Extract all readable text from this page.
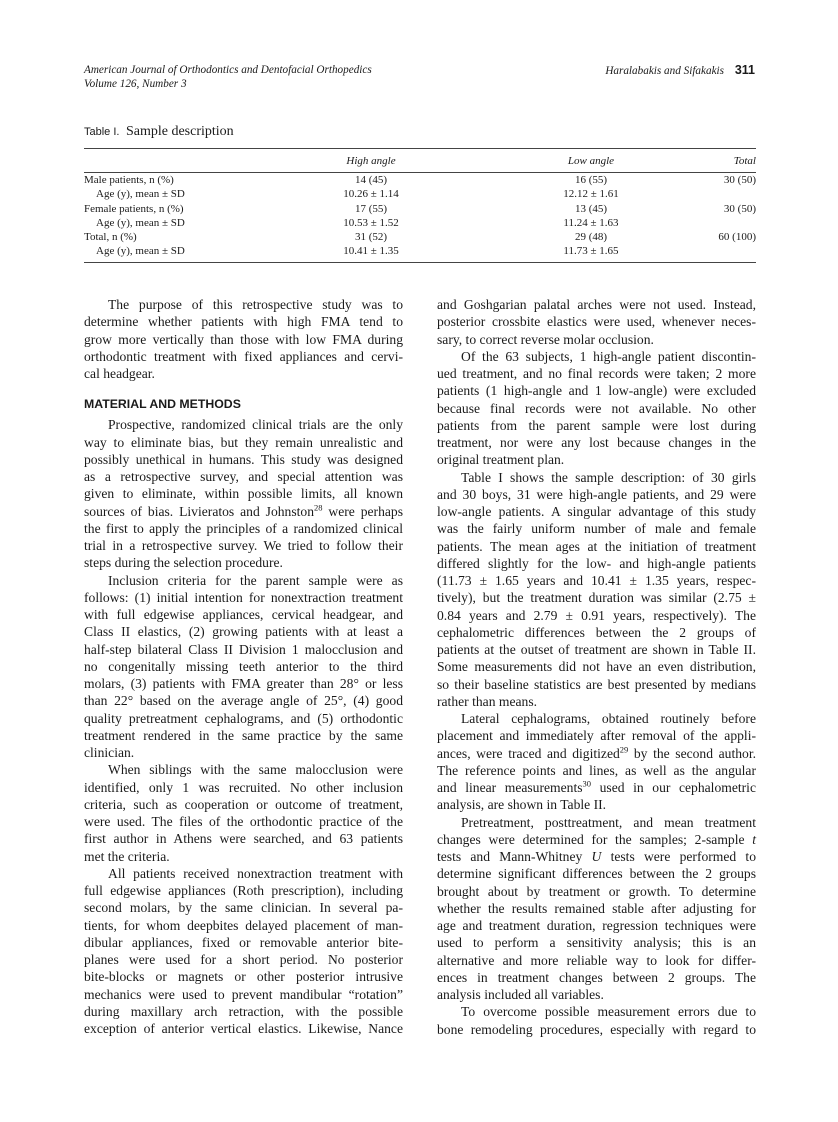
American Journal of Orthodontics and Dentofacial Orthopedics
Volume 126, Number 3
Haralabakis and Sifakakis 311
Table I. Sample description
	High angle	Low angle	Total
Male patients, n (%)	14 (45)	16 (55)	30 (50)
Age (y), mean ± SD	10.26 ± 1.14	12.12 ± 1.61	
Female patients, n (%)	17 (55)	13 (45)	30 (50)
Age (y), mean ± SD	10.53 ± 1.52	11.24 ± 1.63	
Total, n (%)	31 (52)	29 (48)	60 (100)
Age (y), mean ± SD	10.41 ± 1.35	11.73 ± 1.65	
The purpose of this retrospective study was to
determine whether patients with high FMA tend to
grow more vertically than those with low FMA during
orthodontic treatment with fixed appliances and cervi-
cal headgear.
MATERIAL AND METHODS
Prospective, randomized clinical trials are the only
way to eliminate bias, but they remain unrealistic and
possibly unethical in humans. This study was designed
as a retrospective survey, and special attention was
given to eliminate, within possible limits, all known
sources of bias. Livieratos and Johnston$^{28}$ were perhaps
the first to apply the principles of a randomized clinical
trial in a retrospective survey. We tried to follow their
steps during the selection procedure.
Inclusion criteria for the parent sample were as
follows: (1) initial intention for nonextraction treatment
with full edgewise appliances, cervical headgear, and
Class II elastics, (2) growing patients with at least a
half-step bilateral Class II Division 1 malocclusion and
no congenitally missing teeth anterior to the third
molars, (3) patients with FMA greater than 28° or less
than 22° based on the average angle of 25°, (4) good
quality pretreatment cephalograms, and (5) orthodontic
treatment rendered in the same practice by the same
clinician.
When siblings with the same malocclusion were
identified, only 1 was recruited. No other inclusion
criteria, such as cooperation or outcome of treatment,
were used. The files of the orthodontic practice of the
first author in Athens were searched, and 63 patients
met the criteria.
All patients received nonextraction treatment with
full edgewise appliances (Roth prescription), including
second molars, by the same clinician. In several pa-
tients, for whom deepbites delayed placement of man-
dibular appliances, fixed or removable anterior bite-
planes were used for a short period. No posterior
bite-blocks or magnets or other posterior intrusive
mechanics were used to prevent mandibular “rotation”
during maxillary arch retraction, with the possible
exception of anterior vertical elastics. Likewise, Nance
and Goshgarian palatal arches were not used. Instead,
posterior crossbite elastics were used, whenever neces-
sary, to correct reverse molar occlusion.
Of the 63 subjects, 1 high-angle patient discontin-
ued treatment, and no final records were taken; 2 more
patients (1 high-angle and 1 low-angle) were excluded
because final records were not available. No other
patients from the parent sample were lost during
treatment, nor were any lost because changes in the
original treatment plan.
Table I shows the sample description: of 30 girls
and 30 boys, 31 were high-angle patients, and 29 were
low-angle patients. A singular advantage of this study
was the fairly uniform number of male and female
patients. The mean ages at the initiation of treatment
differed slightly for the low- and high-angle patients
(11.73 ± 1.65 years and 10.41 ± 1.35 years, respec-
tively), but the treatment duration was similar (2.75 ±
0.84 years and 2.79 ± 0.91 years, respectively). The
cephalometric differences between the 2 groups of
patients at the outset of treatment are shown in Table II.
Some measurements did not have an even distribution,
so their baseline statistics are best presented by medians
rather than means.
Lateral cephalograms, obtained routinely before
placement and immediately after removal of the appli-
ances, were traced and digitized$^{29}$ by the second author.
The reference points and lines, as well as the angular
and linear measurements$^{30}$ used in our cephalometric
analysis, are shown in Table II.
Pretreatment, posttreatment, and mean treatment
changes were determined for the samples; 2-sample t
tests and Mann-Whitney U tests were performed to
determine significant differences between the 2 groups
brought about by treatment or growth. To determine
whether the results remained stable after adjusting for
age and treatment duration, regression techniques were
used to perform a sensitivity analysis; this is an
alternative and more reliable way to look for differ-
ences in treatment changes between 2 groups. The
analysis included all variables.
To overcome possible measurement errors due to
bone remodeling procedures, especially with regard to
